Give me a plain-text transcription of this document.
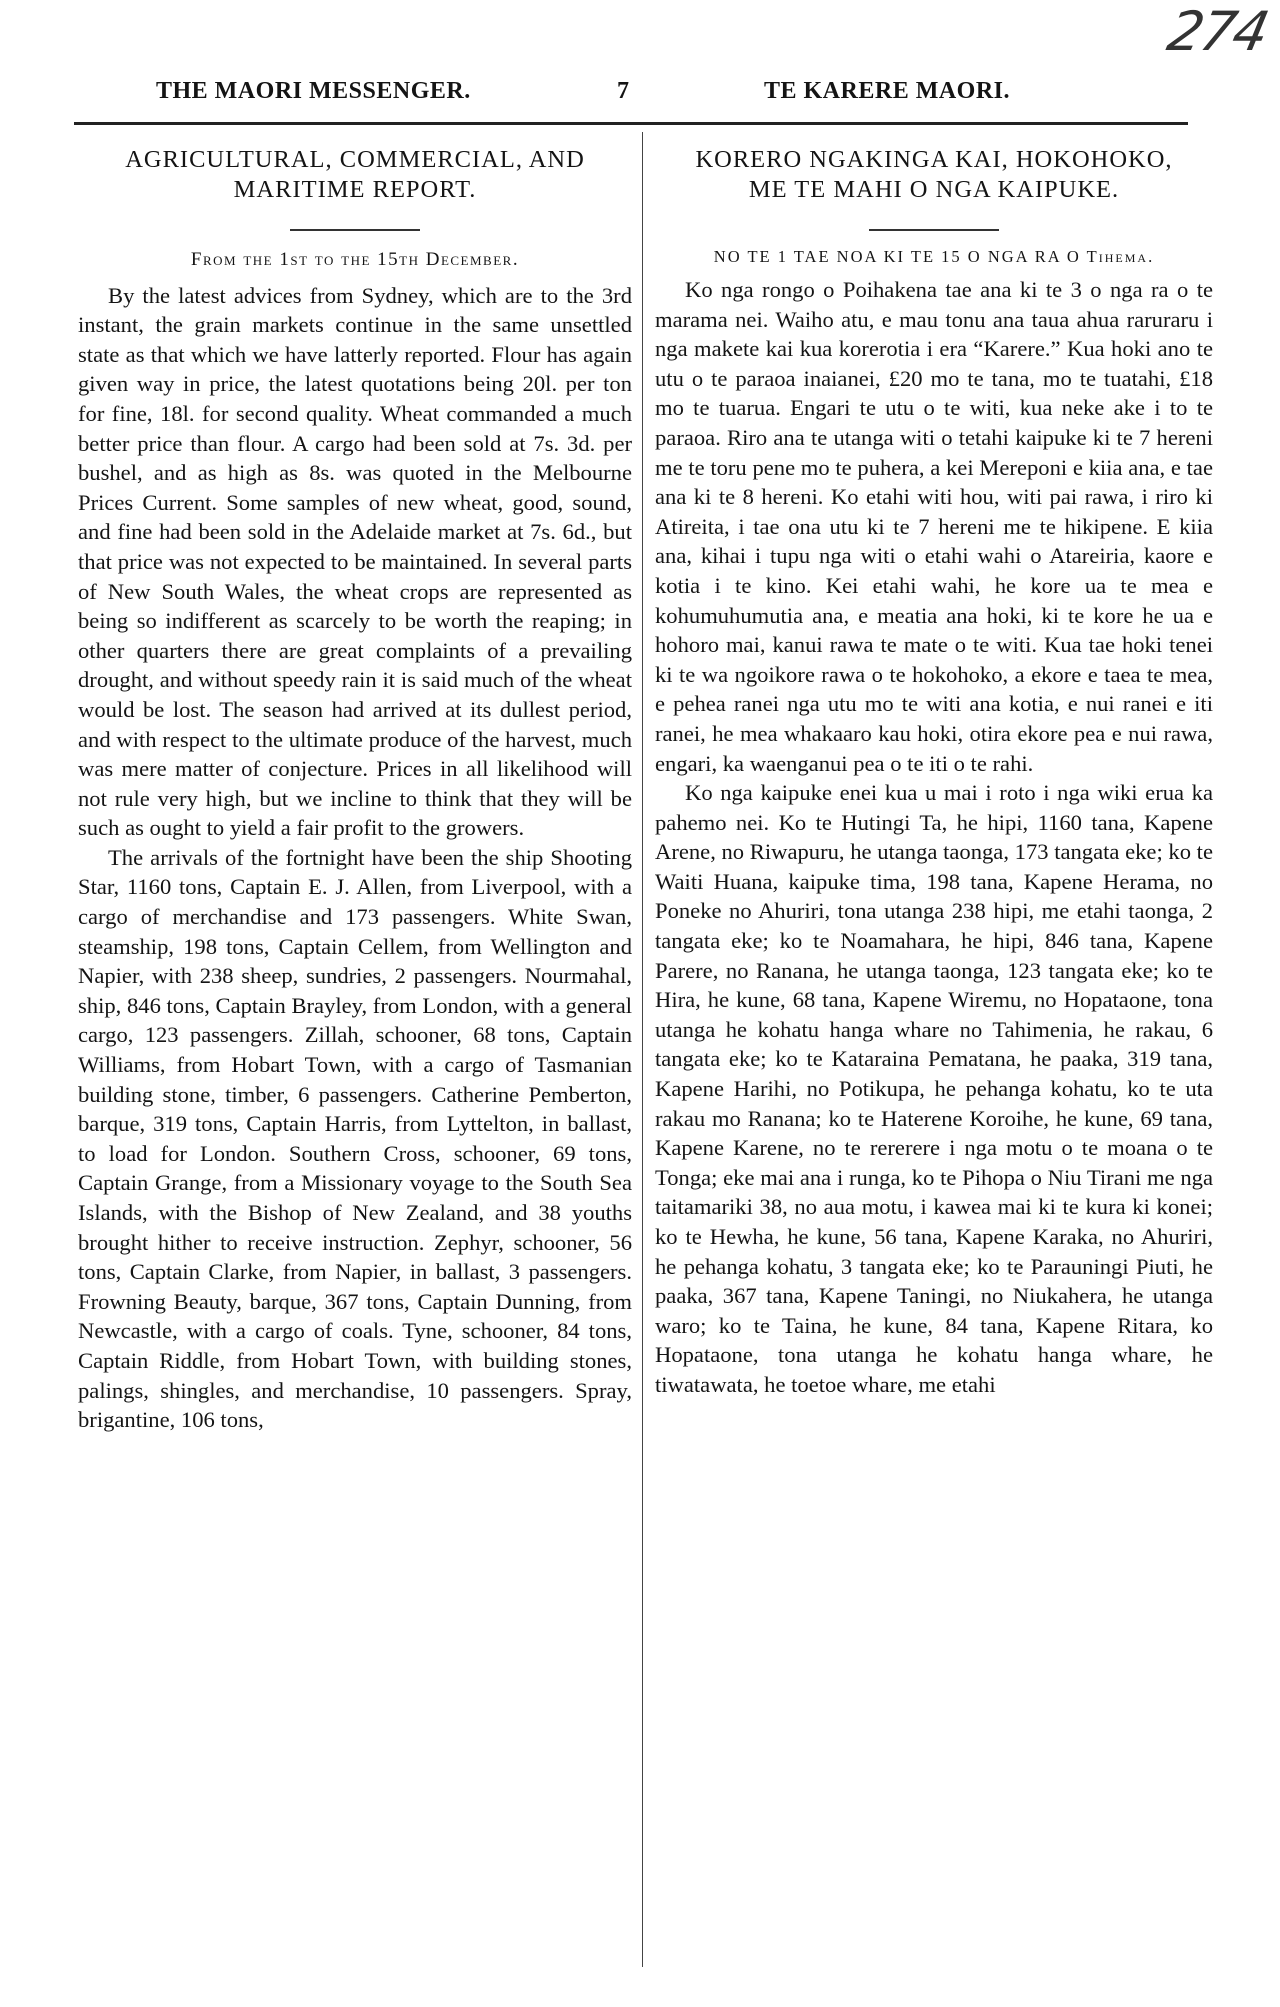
274
THE MAORI MESSENGER.	7	TE KARERE MAORI.
AGRICULTURAL, COMMERCIAL, AND
MARITIME REPORT.
From the 1st to the 15th December.

By the latest advices from Sydney, which are to the 3rd instant, the grain markets continue in the same unsettled state as that which we have latterly reported. Flour has again given way in price, the latest quotations being 20l. per ton for fine, 18l. for second quality. Wheat commanded a much better price than flour. A cargo had been sold at 7s. 3d. per bushel, and as high as 8s. was quoted in the Melbourne Prices Current. Some samples of new wheat, good, sound, and fine had been sold in the Adelaide market at 7s. 6d., but that price was not expected to be maintained. In several parts of New South Wales, the wheat crops are represented as being so indifferent as scarcely to be worth the reaping; in other quarters there are great complaints of a prevailing drought, and without speedy rain it is said much of the wheat would be lost. The season had arrived at its dullest period, and with respect to the ultimate produce of the harvest, much was mere matter of conjecture. Prices in all likelihood will not rule very high, but we incline to think that they will be such as ought to yield a fair profit to the growers.

The arrivals of the fortnight have been the ship Shooting Star, 1160 tons, Captain E. J. Allen, from Liverpool, with a cargo of merchandise and 173 passengers. White Swan, steamship, 198 tons, Captain Cellem, from Wellington and Napier, with 238 sheep, sundries, 2 passengers. Nourmahal, ship, 846 tons, Captain Brayley, from London, with a general cargo, 123 passengers. Zillah, schooner, 68 tons, Captain Williams, from Hobart Town, with a cargo of Tasmanian building stone, timber, 6 passengers. Catherine Pemberton, barque, 319 tons, Captain Harris, from Lyttelton, in ballast, to load for London. Southern Cross, schooner, 69 tons, Captain Grange, from a Missionary voyage to the South Sea Islands, with the Bishop of New Zealand, and 38 youths brought hither to receive instruction. Zephyr, schooner, 56 tons, Captain Clarke, from Napier, in ballast, 3 passengers. Frowning Beauty, barque, 367 tons, Captain Dunning, from Newcastle, with a cargo of coals. Tyne, schooner, 84 tons, Captain Riddle, from Hobart Town, with building stones, palings, shingles, and merchandise, 10 passengers. Spray, brigantine, 106 tons,

KORERO NGAKINGA KAI, HOKOHOKO,
ME TE MAHI O NGA KAIPUKE.
NO TE 1 TAE NOA KI TE 15 O NGA RA O Tihema.

Ko nga rongo o Poihakena tae ana ki te 3 o nga ra o te marama nei. Waiho atu, e mau tonu ana taua ahua raruraru i nga makete kai kua korerotia i era “Karere.” Kua hoki ano te utu o te paraoa inaianei, £20 mo te tana, mo te tuatahi, £18 mo te tuarua. Engari te utu o te witi, kua neke ake i to te paraoa. Riro ana te utanga witi o tetahi kaipuke ki te 7 hereni me te toru pene mo te puhera, a kei Mereponi e kiia ana, e tae ana ki te 8 hereni. Ko etahi witi hou, witi pai rawa, i riro ki Atireita, i tae ona utu ki te 7 hereni me te hikipene. E kiia ana, kihai i tupu nga witi o etahi wahi o Atareiria, kaore e kotia i te kino. Kei etahi wahi, he kore ua te mea e kohumuhumutia ana, e meatia ana hoki, ki te kore he ua e hohoro mai, kanui rawa te mate o te witi. Kua tae hoki tenei ki te wa ngoikore rawa o te hokohoko, a ekore e taea te mea, e pehea ranei nga utu mo te witi ana kotia, e nui ranei e iti ranei, he mea whakaaro kau hoki, otira ekore pea e nui rawa, engari, ka waenganui pea o te iti o te rahi.

Ko nga kaipuke enei kua u mai i roto i nga wiki erua ka pahemo nei. Ko te Hutingi Ta, he hipi, 1160 tana, Kapene Arene, no Riwapuru, he utanga taonga, 173 tangata eke; ko te Waiti Huana, kaipuke tima, 198 tana, Kapene Herama, no Poneke no Ahuriri, tona utanga 238 hipi, me etahi taonga, 2 tangata eke; ko te Noamahara, he hipi, 846 tana, Kapene Parere, no Ranana, he utanga taonga, 123 tangata eke; ko te Hira, he kune, 68 tana, Kapene Wiremu, no Hopataone, tona utanga he kohatu hanga whare no Tahimenia, he rakau, 6 tangata eke; ko te Kataraina Pematana, he paaka, 319 tana, Kapene Harihi, no Potikupa, he pehanga kohatu, ko te uta rakau mo Ranana; ko te Haterene Koroihe, he kune, 69 tana, Kapene Karene, no te rererere i nga motu o te moana o te Tonga; eke mai ana i runga, ko te Pihopa o Niu Tirani me nga taitamariki 38, no aua motu, i kawea mai ki te kura ki konei; ko te Hewha, he kune, 56 tana, Kapene Karaka, no Ahuriri, he pehanga kohatu, 3 tangata eke; ko te Parauningi Piuti, he paaka, 367 tana, Kapene Taningi, no Niukahera, he utanga waro; ko te Taina, he kune, 84 tana, Kapene Ritara, ko Hopataone, tona utanga he kohatu hanga whare, he tiwatawata, he toetoe whare, me etahi
